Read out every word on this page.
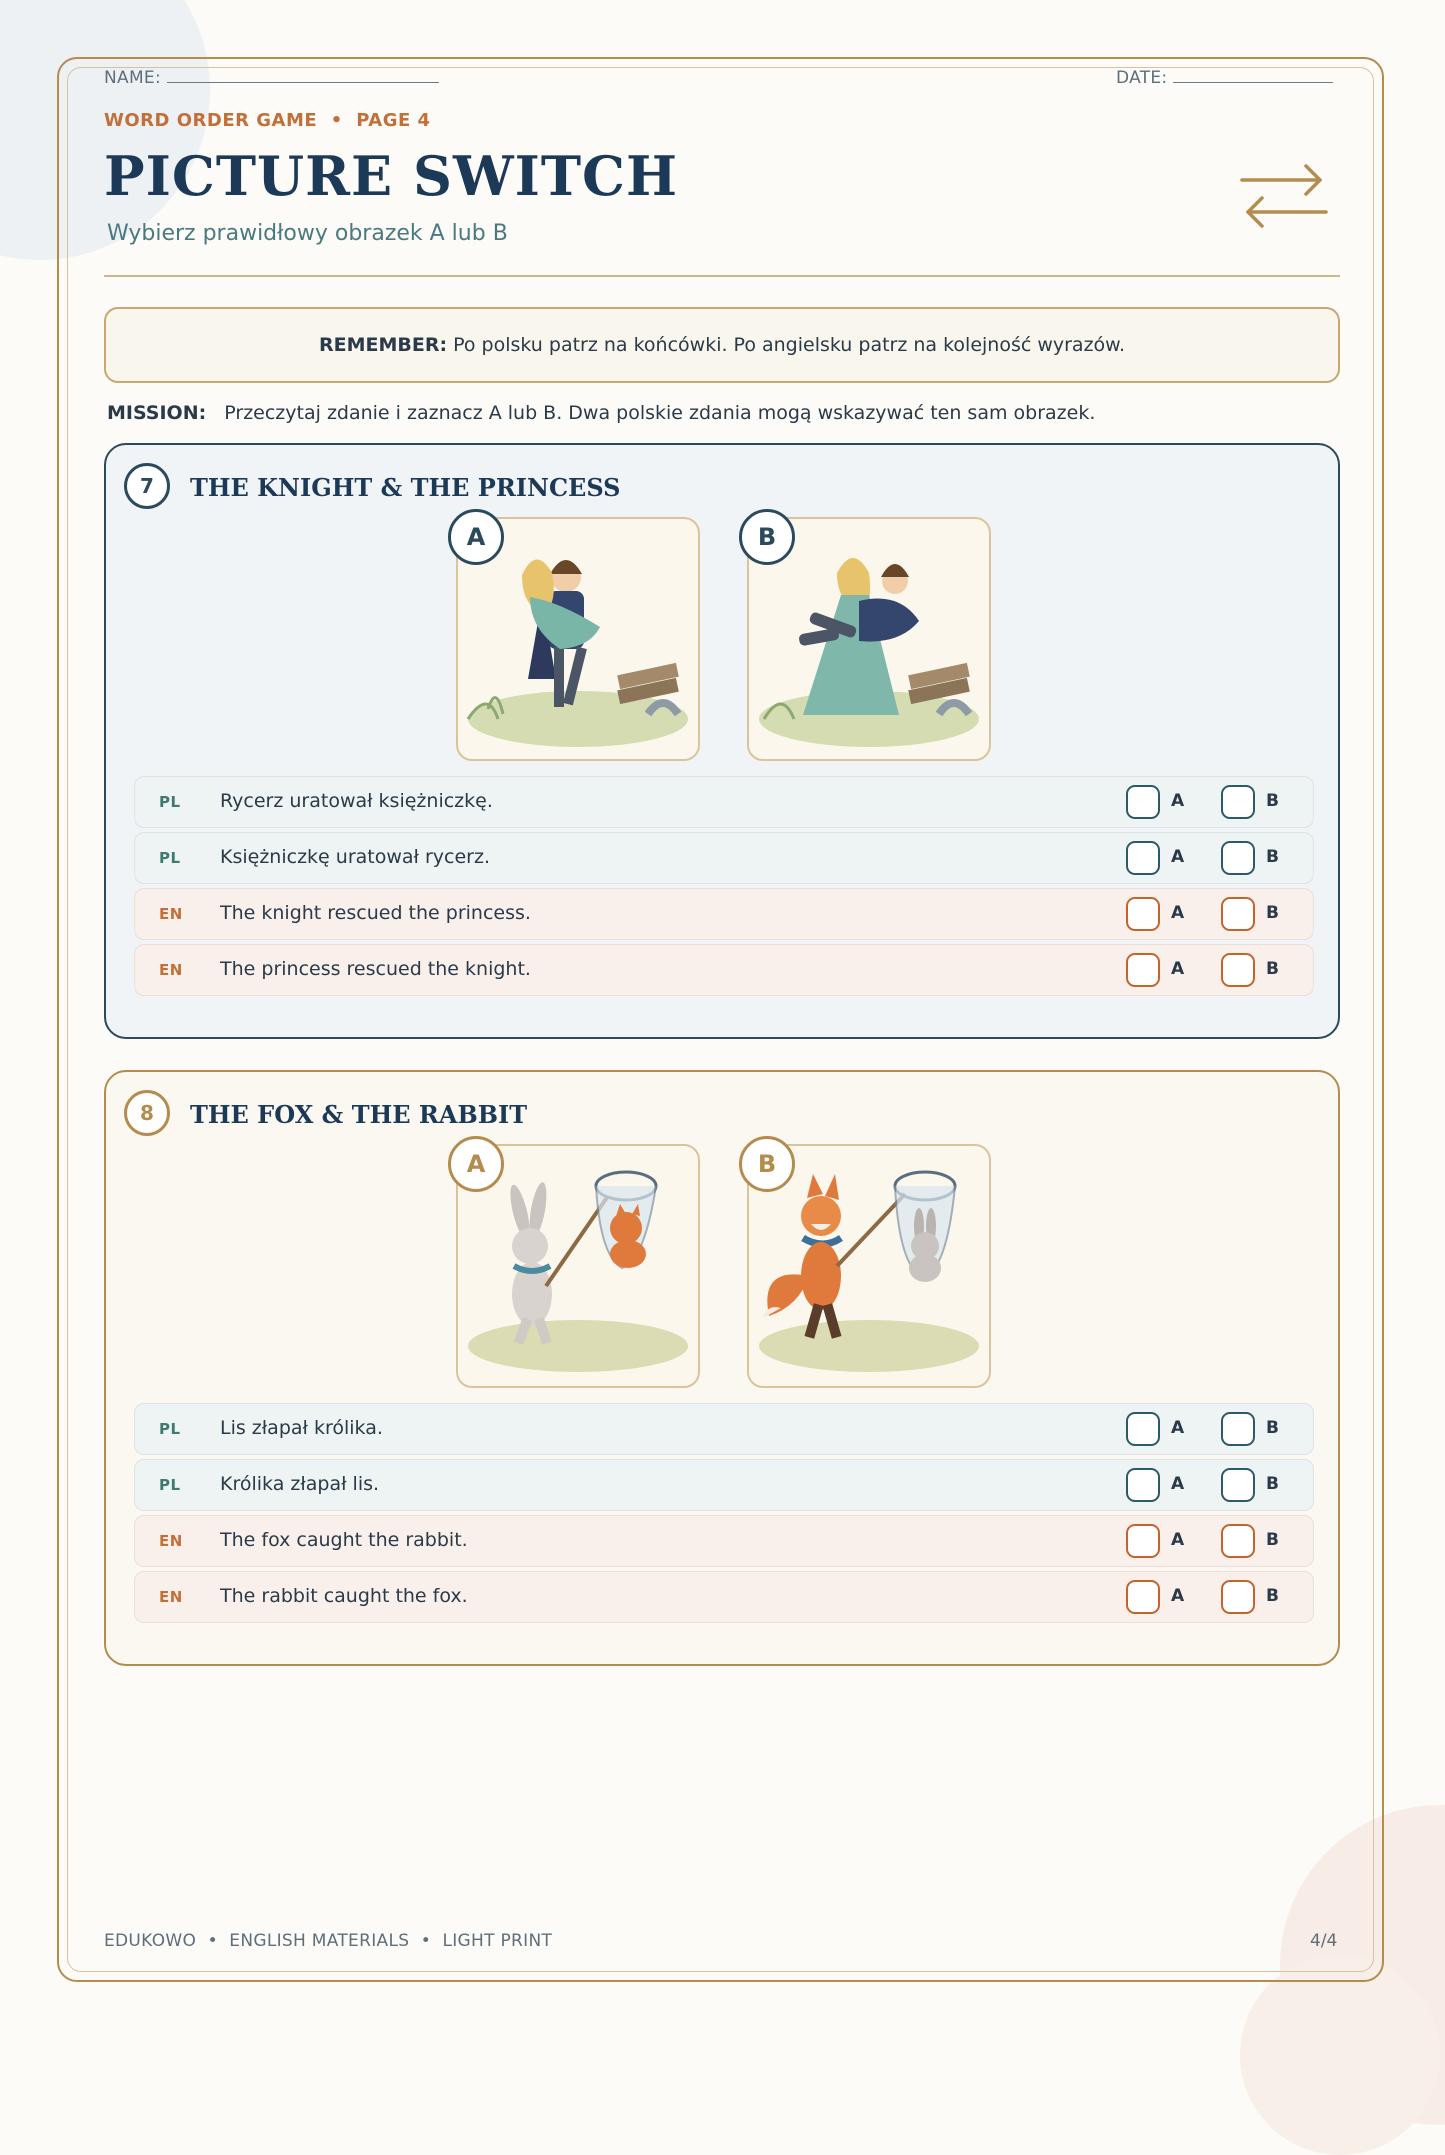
NAME:	DATE:
WORD ORDER GAME  •  PAGE 4
PICTURE SWITCH
Wybierz prawidłowy obrazek A lub B
REMEMBER: Po polsku patrz na końcówki. Po angielsku patrz na kolejność wyrazów.
MISSION: Przeczytaj zdanie i zaznacz A lub B. Dwa polskie zdania mogą wskazywać ten sam obrazek.
7	THE KNIGHT & THE PRINCESS
A	B
PL Rycerz uratował księżniczkę.	A	B
PL Księżniczkę uratował rycerz.	A	B
EN The knight rescued the princess.	A	B
EN The princess rescued the knight.	A	B
8	THE FOX & THE RABBIT
A	B
PL Lis złapał królika.	A	B
PL Królika złapał lis.	A	B
EN The fox caught the rabbit.	A	B
EN The rabbit caught the fox.	A	B
EDUKOWO  •  ENGLISH MATERIALS  •  LIGHT PRINT	4/4
